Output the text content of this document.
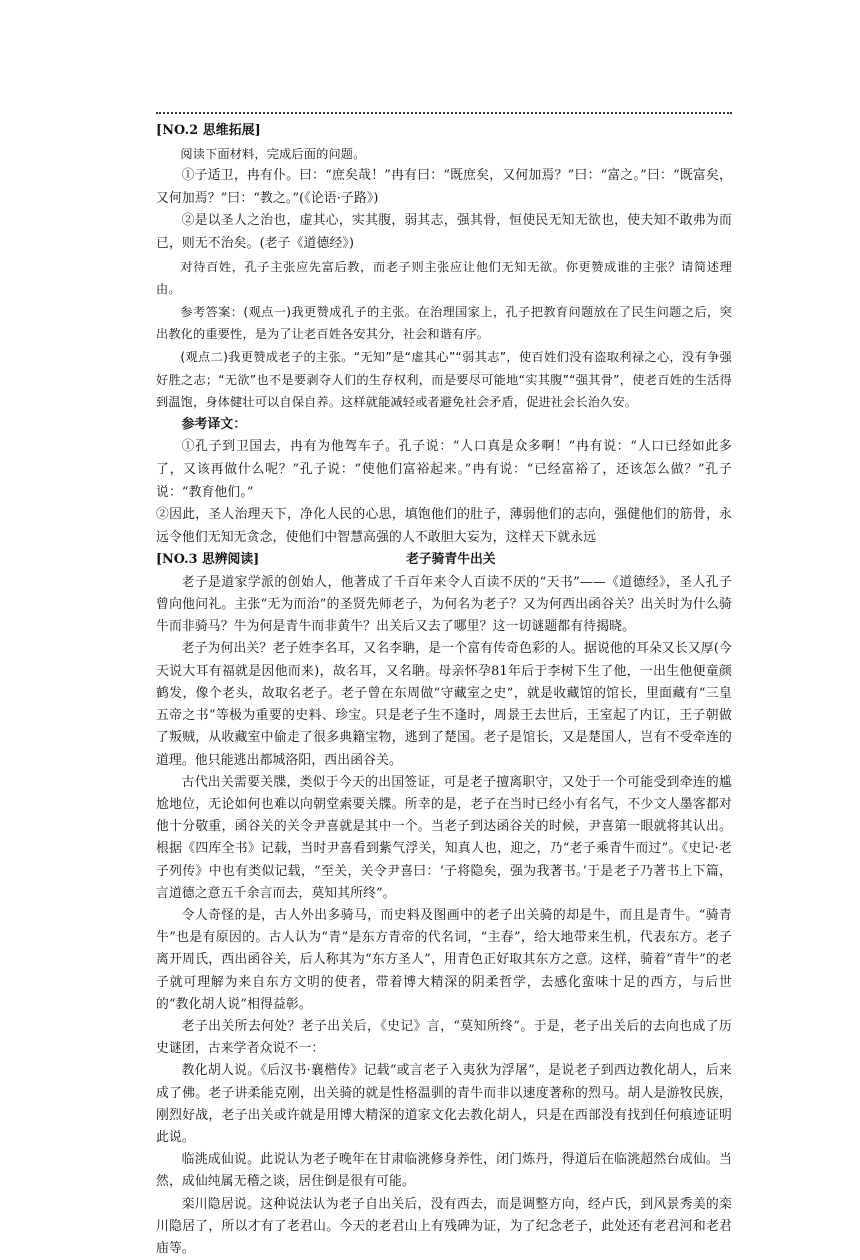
[NO.2 思维拓展]

阅读下面材料，完成后面的问题。

①子适卫，冉有仆。曰：“庶矣哉！”冉有曰：“既庶矣，又何加焉？”曰：“富之。”曰：“既富矣，又何加焉？”曰：“教之。”(《论语·子路》)

②是以圣人之治也，虚其心，实其腹，弱其志，强其骨，恒使民无知无欲也，使夫知不敢弗为而已，则无不治矣。(老子《道德经》)

对待百姓，孔子主张应先富后教，而老子则主张应让他们无知无欲。你更赞成谁的主张？请简述理由。

参考答案：(观点一)我更赞成孔子的主张。在治理国家上，孔子把教育问题放在了民生问题之后，突出教化的重要性，是为了让老百姓各安其分，社会和谐有序。

(观点二)我更赞成老子的主张。“无知”是“虚其心”“弱其志”，使百姓们没有盗取利禄之心，没有争强好胜之志；“无欲”也不是要剥夺人们的生存权利，而是要尽可能地“实其腹”“强其骨”，使老百姓的生活得到温饱，身体健壮可以自保自养。这样就能减轻或者避免社会矛盾，促进社会长治久安。

参考译文：

①孔子到卫国去，冉有为他驾车子。孔子说：“人口真是众多啊！”冉有说：“人口已经如此多了，又该再做什么呢？”孔子说：“使他们富裕起来。”冉有说：“已经富裕了，还该怎么做？”孔子说：“教育他们。”

②因此，圣人治理天下，净化人民的心思，填饱他们的肚子，薄弱他们的志向，强健他们的筋骨，永远令他们无知无贪念，使他们中智慧高强的人不敢胆大妄为，这样天下就永远

[NO.3 思辨阅读]	老子骑青牛出关

老子是道家学派的创始人，他著成了千百年来令人百读不厌的“天书”——《道德经》，圣人孔子曾向他问礼。主张“无为而治”的圣贤先师老子，为何名为老子？又为何西出函谷关？出关时为什么骑牛而非骑马？牛为何是青牛而非黄牛？出关后又去了哪里？这一切谜题都有待揭晓。

老子为何出关？老子姓李名耳，又名李聃，是一个富有传奇色彩的人。据说他的耳朵又长又厚(今天说大耳有福就是因他而来)，故名耳，又名聃。母亲怀孕81年后于李树下生了他，一出生他便童颜鹤发，像个老头，故取名老子。老子曾在东周做“守藏室之史”，就是收藏馆的馆长，里面藏有“三皇五帝之书”等极为重要的史料、珍宝。只是老子生不逢时，周景王去世后，王室起了内讧，王子朝做了叛贼，从收藏室中偷走了很多典籍宝物，逃到了楚国。老子是馆长，又是楚国人，岂有不受牵连的道理。他只能逃出都城洛阳，西出函谷关。

古代出关需要关牒，类似于今天的出国签证，可是老子擅离职守，又处于一个可能受到牵连的尴尬地位，无论如何也难以向朝堂索要关牒。所幸的是，老子在当时已经小有名气，不少文人墨客都对他十分敬重，函谷关的关令尹喜就是其中一个。当老子到达函谷关的时候，尹喜第一眼就将其认出。根据《四库全书》记载，当时尹喜看到紫气浮关，知真人也，迎之，乃“老子乘青牛而过”。《史记·老子列传》中也有类似记载，“至关，关令尹喜曰：‘子将隐矣，强为我著书。’于是老子乃著书上下篇，言道德之意五千余言而去，莫知其所终”。

令人奇怪的是，古人外出多骑马，而史料及图画中的老子出关骑的却是牛，而且是青牛。“骑青牛”也是有原因的。古人认为“青”是东方青帝的代名词，“主春”，给大地带来生机，代表东方。老子离开周氏，西出函谷关，后人称其为“东方圣人”，用青色正好取其东方之意。这样，骑着“青牛”的老子就可理解为来自东方文明的使者，带着博大精深的阴柔哲学，去感化蛮味十足的西方，与后世的“教化胡人说”相得益彰。

老子出关所去何处？老子出关后，《史记》言，“莫知所终”。于是，老子出关后的去向也成了历史谜团，古来学者众说不一：

教化胡人说。《后汉书·襄楷传》记载“或言老子入夷狄为浮屠”，是说老子到西边教化胡人，后来成了佛。老子讲柔能克刚，出关骑的就是性格温驯的青牛而非以速度著称的烈马。胡人是游牧民族，刚烈好战，老子出关或许就是用博大精深的道家文化去教化胡人，只是在西部没有找到任何痕迹证明此说。

临洮成仙说。此说认为老子晚年在甘肃临洮修身养性，闭门炼丹，得道后在临洮超然台成仙。当然，成仙纯属无稽之谈，居住倒是很有可能。

栾川隐居说。这种说法认为老子自出关后，没有西去，而是调整方向，经卢氏，到风景秀美的栾川隐居了，所以才有了老君山。今天的老君山上有残碑为证，为了纪念老子，此处还有老君河和老君庙等。
